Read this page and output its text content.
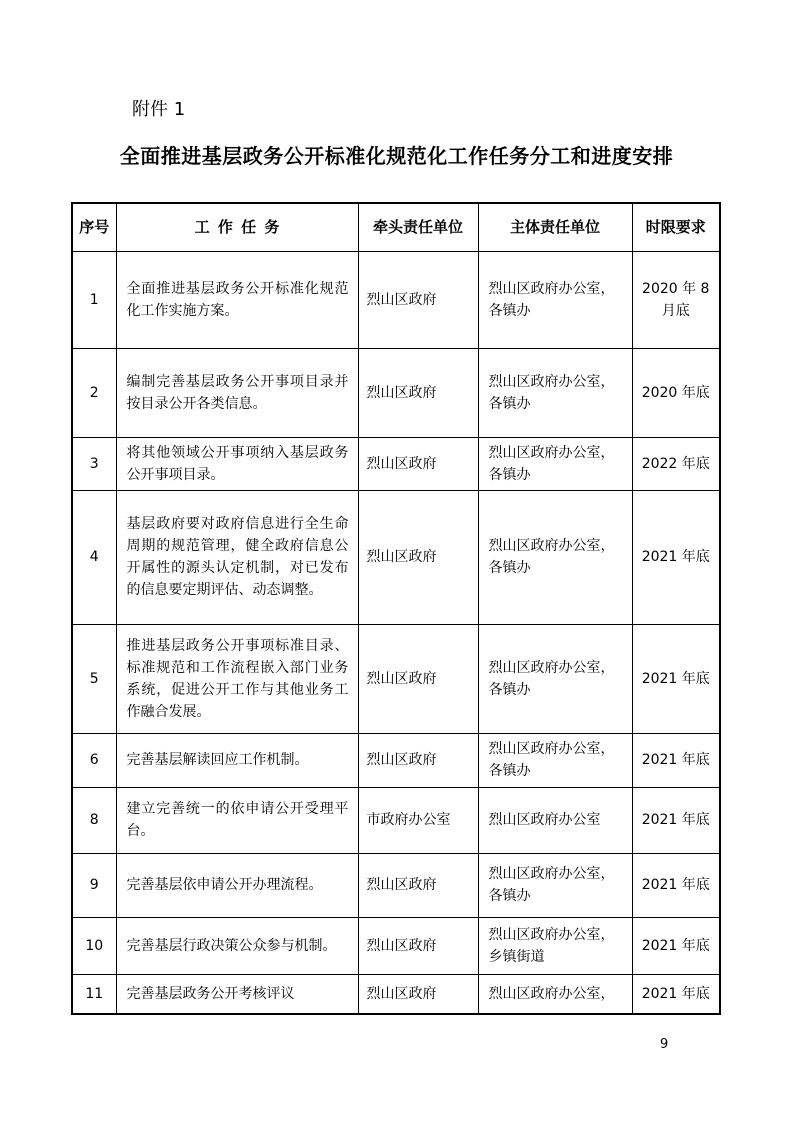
附件 1
全面推进基层政务公开标准化规范化工作任务分工和进度安排
序号	工作任务	牵头责任单位	主体责任单位	时限要求
1	全面推进基层政务公开标准化规范化工作实施方案。	烈山区政府	烈山区政府办公室，各镇办	2020 年 8 月底
2	编制完善基层政务公开事项目录并按目录公开各类信息。	烈山区政府	烈山区政府办公室，各镇办	2020 年底
3	将其他领域公开事项纳入基层政务公开事项目录。	烈山区政府	烈山区政府办公室，各镇办	2022 年底
4	基层政府要对政府信息进行全生命周期的规范管理，健全政府信息公开属性的源头认定机制，对已发布的信息要定期评估、动态调整。	烈山区政府	烈山区政府办公室，各镇办	2021 年底
5	推进基层政务公开事项标准目录、标准规范和工作流程嵌入部门业务系统，促进公开工作与其他业务工作融合发展。	烈山区政府	烈山区政府办公室，各镇办	2021 年底
6	完善基层解读回应工作机制。	烈山区政府	烈山区政府办公室，各镇办	2021 年底
8	建立完善统一的依申请公开受理平台。	市政府办公室	烈山区政府办公室	2021 年底
9	完善基层依申请公开办理流程。	烈山区政府	烈山区政府办公室，各镇办	2021 年底
10	完善基层行政决策公众参与机制。	烈山区政府	烈山区政府办公室，乡镇街道	2021 年底
11	完善基层政务公开考核评议	烈山区政府	烈山区政府办公室，	2021 年底
9
